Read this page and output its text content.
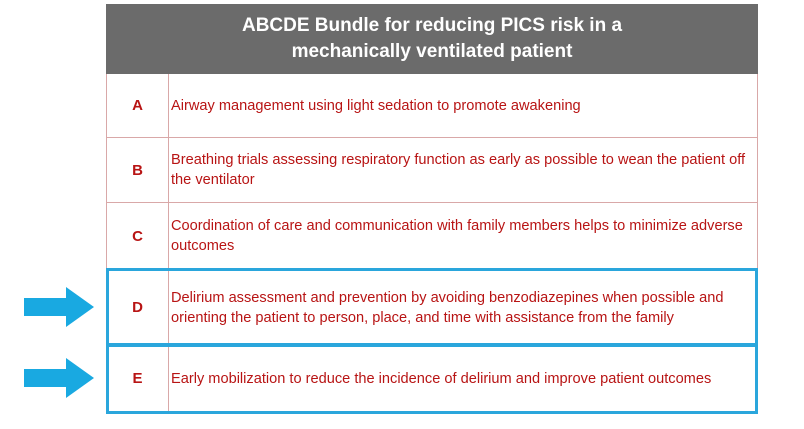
ABCDE Bundle for reducing PICS risk in a
mechanically ventilated patient
A	Airway management using light sedation to promote awakening
B
Breathing trials assessing respiratory function as early as possible to wean the patient off the ventilator
C
Coordination of care and communication with family members helps to minimize adverse outcomes
D
Delirium assessment and prevention by avoiding benzodiazepines when possible and orienting the patient to person, place, and time with assistance from the family
E	Early mobilization to reduce the incidence of delirium and improve patient outcomes
